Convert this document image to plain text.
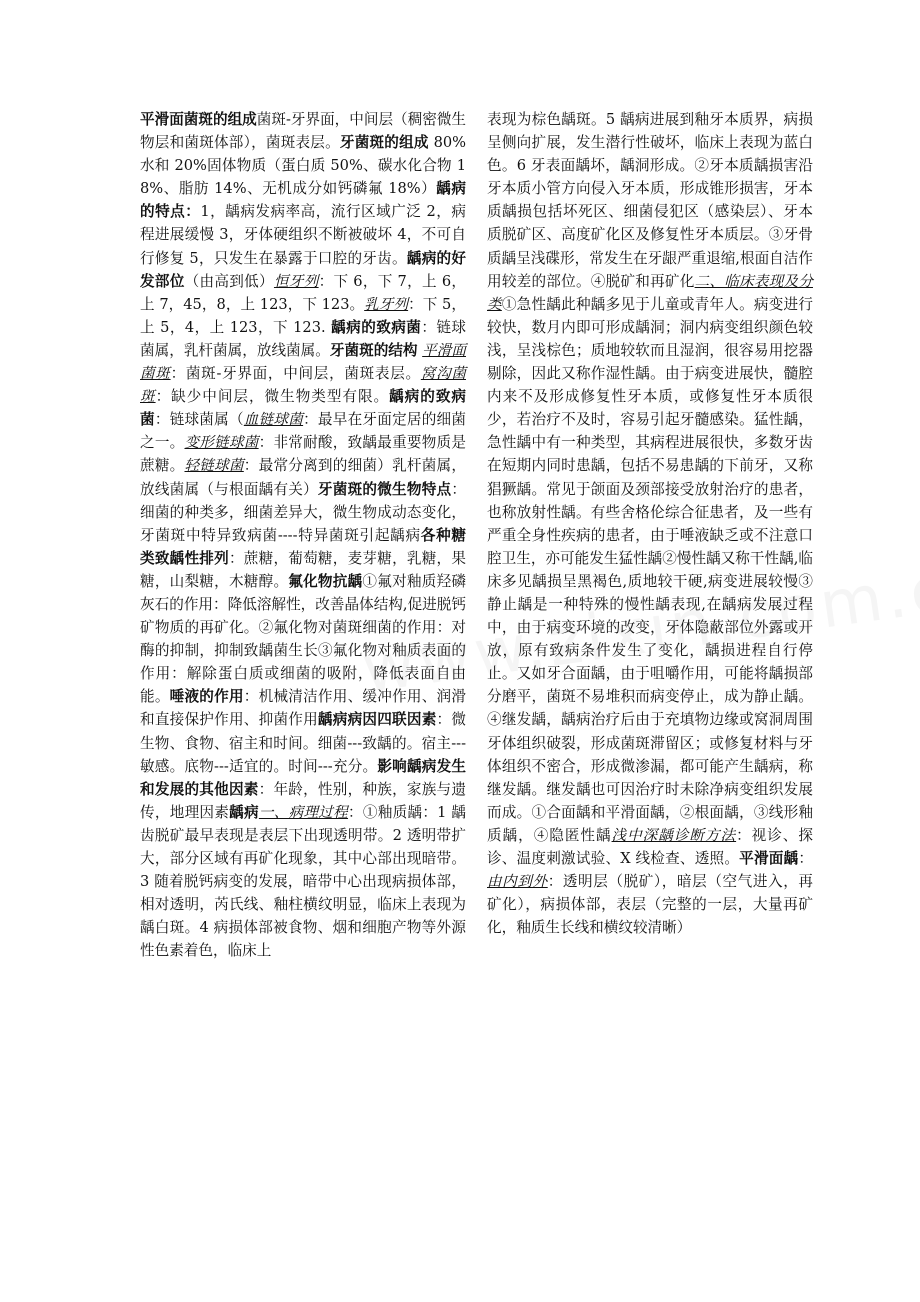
平滑面菌斑的组成菌斑-牙界面，中间层（稠密微生物层和菌斑体部），菌斑表层。牙菌斑的组成 80%水和 20%固体物质（蛋白质 50%、碳水化合物 18%、脂肪 14%、无机成分如钙磷氟 18%）龋病的特点：1，龋病发病率高，流行区域广泛 2，病程进展缓慢 3，牙体硬组织不断被破坏 4，不可自行修复 5，只发生在暴露于口腔的牙齿。龋病的好发部位（由高到低）恒牙列：下 6，下 7，上 6，上 7，45，8，上 123，下 123。乳牙列：下 5，上 5，4，上 123，下 123. 龋病的致病菌：链球菌属，乳杆菌属，放线菌属。牙菌斑的结构 平滑面菌斑：菌斑-牙界面，中间层，菌斑表层。窝沟菌斑：缺少中间层，微生物类型有限。龋病的致病菌：链球菌属（血链球菌：最早在牙面定居的细菌之一。变形链球菌：非常耐酸，致龋最重要物质是蔗糖。轻链球菌：最常分离到的细菌）乳杆菌属，放线菌属（与根面龋有关）牙菌斑的微生物特点：细菌的种类多，细菌差异大，微生物成动态变化，牙菌斑中特异致病菌----特异菌斑引起龋病各种糖类致龋性排列：蔗糖，葡萄糖，麦芽糖，乳糖，果糖，山梨糖，木糖醇。氟化物抗龋①氟对釉质羟磷灰石的作用：降低溶解性，改善晶体结构,促进脱钙矿物质的再矿化。②氟化物对菌斑细菌的作用：对酶的抑制，抑制致龋菌生长③氟化物对釉质表面的作用：解除蛋白质或细菌的吸附，降低表面自由能。唾液的作用：机械清洁作用、缓冲作用、润滑和直接保护作用、抑菌作用龋病病因四联因素：微生物、食物、宿主和时间。细菌---致龋的。宿主---敏感。底物---适宜的。时间---充分。影响龋病发生和发展的其他因素：年龄，性别，种族，家族与遗传，地理因素龋病一、病理过程：①釉质龋：1 龋齿脱矿最早表现是表层下出现透明带。2 透明带扩大，部分区域有再矿化现象，其中心部出现暗带。3 随着脱钙病变的发展，暗带中心出现病损体部，相对透明，芮氏线、釉柱横纹明显，临床上表现为龋白斑。4 病损体部被食物、烟和细胞产物等外源性色素着色，临床上
表现为棕色龋斑。5 龋病进展到釉牙本质界，病损呈侧向扩展，发生潜行性破坏，临床上表现为蓝白色。6 牙表面龋坏，龋洞形成。②牙本质龋损害沿牙本质小管方向侵入牙本质，形成锥形损害，牙本质龋损包括坏死区、细菌侵犯区（感染层）、牙本质脱矿区、高度矿化区及修复性牙本质层。③牙骨质龋呈浅碟形，常发生在牙龈严重退缩,根面自洁作用较差的部位。④脱矿和再矿化二、临床表现及分类①急性龋此种龋多见于儿童或青年人。病变进行较快，数月内即可形成龋洞；洞内病变组织颜色较浅，呈浅棕色；质地较软而且湿润，很容易用挖器剔除，因此又称作湿性龋。由于病变进展快，髓腔内来不及形成修复性牙本质，或修复性牙本质很少，若治疗不及时，容易引起牙髓感染。猛性龋，急性龋中有一种类型，其病程进展很快，多数牙齿在短期内同时患龋，包括不易患龋的下前牙，又称猖獗龋。常见于颌面及颈部接受放射治疗的患者，也称放射性龋。有些舍格伦综合征患者，及一些有严重全身性疾病的患者，由于唾液缺乏或不注意口腔卫生，亦可能发生猛性龋②慢性龋又称干性龋,临床多见龋损呈黑褐色,质地较干硬,病变进展较慢③静止龋是一种特殊的慢性龋表现,在龋病发展过程中，由于病变环境的改变，牙体隐蔽部位外露或开放，原有致病条件发生了变化，龋损进程自行停止。又如牙合面龋，由于咀嚼作用，可能将龋损部分磨平，菌斑不易堆积而病变停止，成为静止龋。④继发龋，龋病治疗后由于充填物边缘或窝洞周围牙体组织破裂，形成菌斑滞留区；或修复材料与牙体组织不密合，形成微渗漏，都可能产生龋病，称继发龋。继发龋也可因治疗时未除净病变组织发展而成。①合面龋和平滑面龋，②根面龋，③线形釉质龋，④隐匿性龋浅中深龋诊断方法：视诊、探诊、温度刺激试验、X 线检查、透照。平滑面龋：由内到外：透明层（脱矿），暗层（空气进入，再矿化），病损体部，表层（完整的一层，大量再矿化，釉质生长线和横纹较清晰）
